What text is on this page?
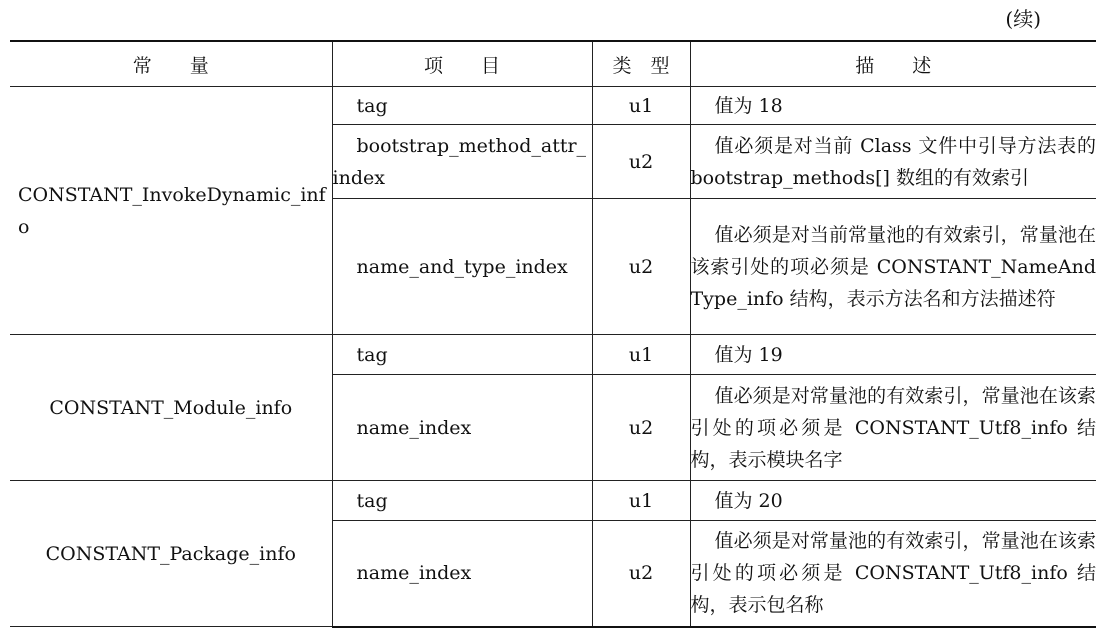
(续)
常　　量	项　　目	类　型	描　　述
CONSTANT_InvokeDynamic_info	tag	u1	值为 18

	bootstrap_method_attr_index	u2	值必须是对当前 Class 文件中引导方法表的 bootstrap_methods[] 数组的有效索引

	name_and_type_index	u2	值必须是对当前常量池的有效索引，常量池在该索引处的项必须是 CONSTANT_NameAndType_info 结构，表示方法名和方法描述符

CONSTANT_Module_info	tag	u1	值为 19

	name_index	u2	值必须是对常量池的有效索引，常量池在该索引处的项必须是 CONSTANT_Utf8_info 结构，表示模块名字

CONSTANT_Package_info	tag	u1	值为 20

	name_index	u2	值必须是对常量池的有效索引，常量池在该索引处的项必须是 CONSTANT_Utf8_info 结构，表示包名称
